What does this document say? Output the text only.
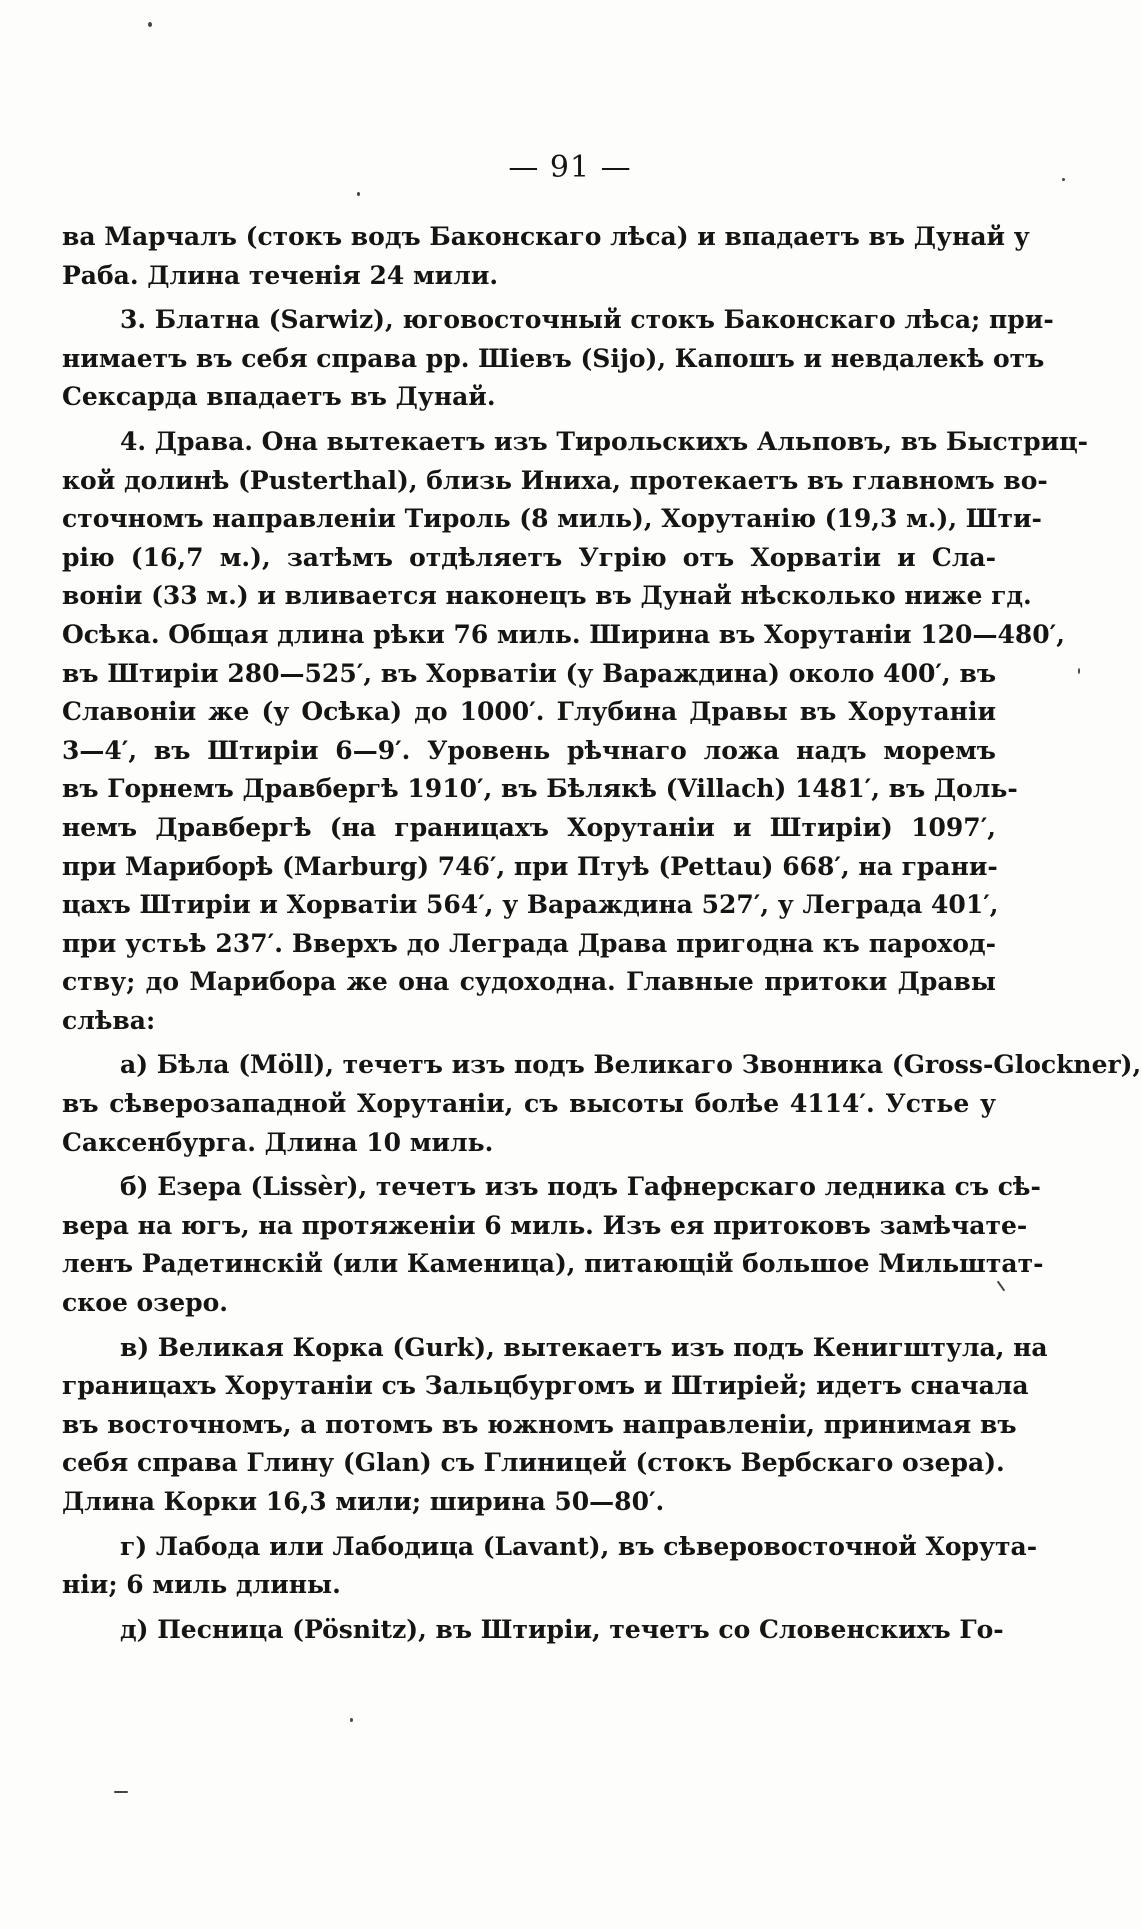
— 91 —

ва Марчалъ (стокъ водъ Баконскаго лѣса) и впадаетъ въ Дунай у
Раба. Длина теченія 24 мили.

3. Блатна (Sarwiz), юговосточный стокъ Баконскаго лѣса; при-
нимаетъ въ себя справа рр. Шіевъ (Sijo), Капошъ и невдалекѣ отъ
Сексарда впадаетъ въ Дунай.

4. Драва. Она вытекаетъ изъ Тирольскихъ Альповъ, въ Быстриц-
кой долинѣ (Pusterthal), близь Иниха, протекаетъ въ главномъ во-
сточномъ направленіи Тироль (8 миль), Хорутанію (19,3 м.), Шти-
рію (16,7 м.), затѣмъ отдѣляетъ Угрію отъ Хорватіи и Сла-
воніи (33 м.) и вливается наконецъ въ Дунай нѣсколько ниже гд.
Осѣка. Общая длина рѣки 76 миль. Ширина въ Хорутаніи 120—480′,
въ Штиріи 280—525′, въ Хорватіи (у Вараждина) около 400′, въ
Славоніи же (у Осѣка) до 1000′. Глубина Дравы въ Хорутаніи
3—4′, въ Штиріи 6—9′. Уровень рѣчнаго ложа надъ моремъ
въ Горнемъ Дравбергѣ 1910′, въ Бѣлякѣ (Villach) 1481′, въ Доль-
немъ Дравбергѣ (на границахъ Хорутаніи и Штиріи) 1097′,
при Мариборѣ (Marburg) 746′, при Птуѣ (Pettau) 668′, на грани-
цахъ Штиріи и Хорватіи 564′, у Вараждина 527′, у Леграда 401′,
при устьѣ 237′. Вверхъ до Леграда Драва пригодна къ пароход-
ству; до Марибора же она судоходна. Главные притоки Дравы
слѣва:

а) Бѣла (Möll), течетъ изъ подъ Великаго Звонника (Gross-Glockner),
въ сѣверозападной Хорутаніи, съ высоты болѣе 4114′. Устье у
Саксенбурга. Длина 10 миль.

б) Езера (Lissèr), течетъ изъ подъ Гафнерскаго ледника съ сѣ-
вера на югъ, на протяженіи 6 миль. Изъ ея притоковъ замѣчате-
ленъ Радетинскій (или Каменица), питающій большое Мильштат-
ское озеро.

в) Великая Корка (Gurk), вытекаетъ изъ подъ Кенигштула, на
границахъ Хорутаніи съ Зальцбургомъ и Штиріей; идетъ сначала
въ восточномъ, а потомъ въ южномъ направленіи, принимая въ
себя справа Глину (Glan) съ Глиницей (стокъ Вербскаго озера).
Длина Корки 16,3 мили; ширина 50—80′.

г) Лабода или Лабодица (Lavant), въ сѣверовосточной Хорута-
ніи; 6 миль длины.

д) Песница (Pösnitz), въ Штиріи, течетъ со Словенскихъ Го-
